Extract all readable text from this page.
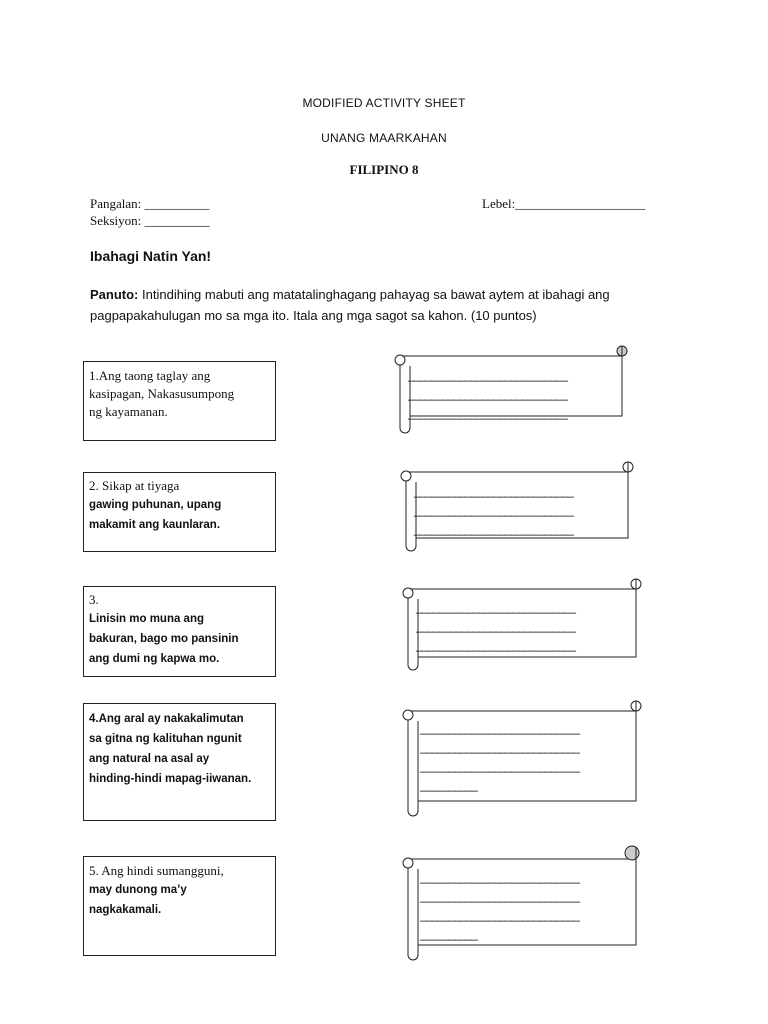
MODIFIED ACTIVITY SHEET
UNANG MAARKAHAN
FILIPINO 8
Pangalan: __________
Seksiyon: __________
Lebel:____________________
Ibahagi Natin Yan!
Panuto: Intindihing mabuti ang matatalinghagang pahayag sa bawat aytem at ibahagi ang
pagpapakahulugan mo sa mga ito. Itala ang mga sagot sa kahon. (10 puntos)
1.Ang taong taglay ang
kasipagan, Nakasusumpong
ng kayamanan.
2. Sikap at tiyaga
gawing puhunan, upang
makamit ang kaunlaran.
3.
Linisin mo muna ang
bakuran, bago mo pansinin
ang dumi ng kapwa mo.
4.Ang aral ay nakakalimutan
sa gitna ng kalituhan ngunit
ang natural na asal ay
hinding-hindi mapag-iiwanan.
5. Ang hindi sumangguni,
may dunong ma’y
nagkakamali.
____________________________
____________________________
____________________________
____________________________
____________________________
____________________________
____________________________
____________________________
____________________________
____________________________
____________________________
____________________________
__________
____________________________
____________________________
____________________________
__________
